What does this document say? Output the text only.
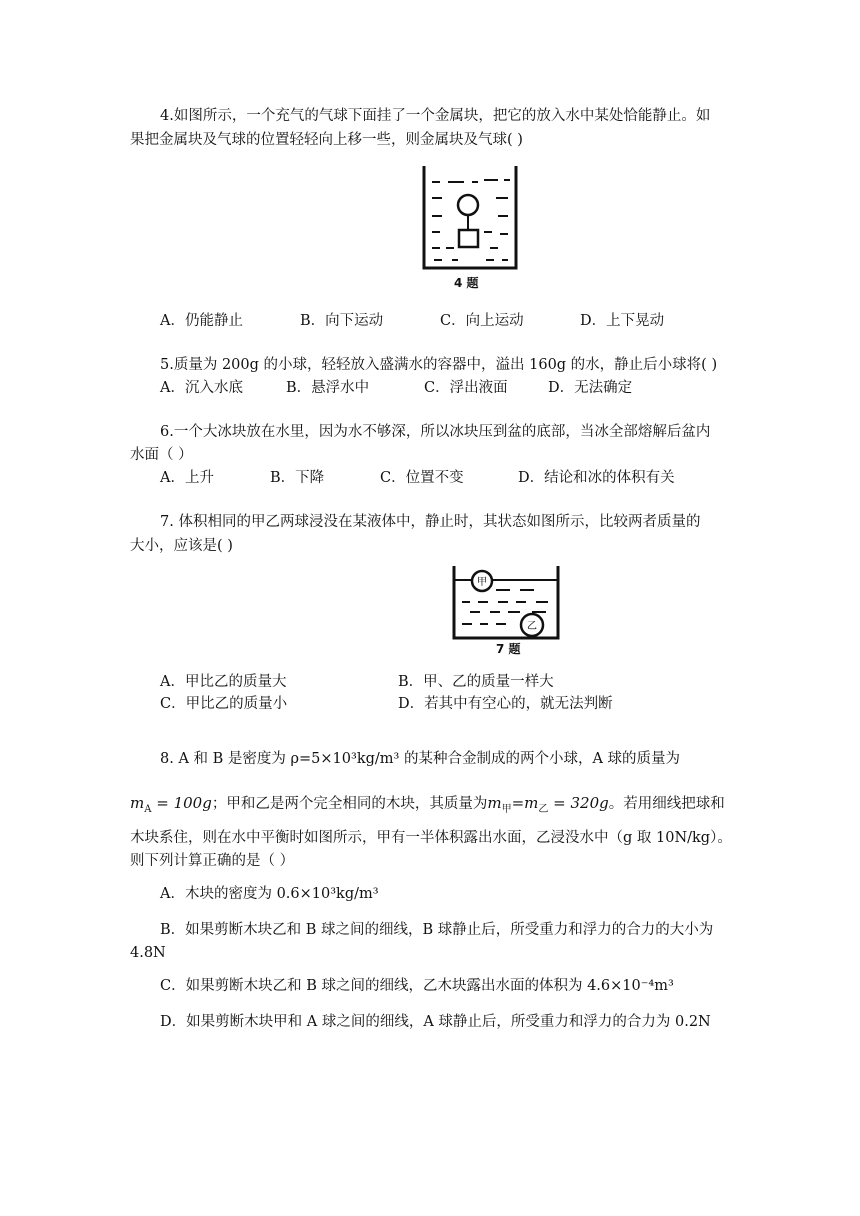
4.如图所示，一个充气的气球下面挂了一个金属块，把它的放入水中某处恰能静止。如
果把金属块及气球的位置轻轻向上移一些，则金属块及气球( )
4 题
A．仍能静止	B．向下运动	C．向上运动	D．上下晃动
5.质量为 200g 的小球，轻轻放入盛满水的容器中，溢出 160g 的水，静止后小球将( )
A．沉入水底	B．悬浮水中	C．浮出液面	D．无法确定
6.一个大冰块放在水里，因为水不够深，所以冰块压到盆的底部，当冰全部熔解后盆内
水面（ ）
A．上升	B．下降	C．位置不变	D．结论和冰的体积有关
7. 体积相同的甲乙两球浸没在某液体中，静止时，其状态如图所示，比较两者质量的
大小，应该是( )
甲
乙
7 题
A．甲比乙的质量大	B．甲、乙的质量一样大
C．甲比乙的质量小	D．若其中有空心的，就无法判断
8. A 和 B 是密度为 ρ=5×10³kg/m³ 的某种合金制成的两个小球，A 球的质量为
$m_A = 100g$；甲和乙是两个完全相同的木块，其质量为$m_甲=m_乙 = 320g$。若用细线把球和
木块系住，则在水中平衡时如图所示，甲有一半体积露出水面，乙浸没水中（g 取 10N/kg）。
则下列计算正确的是（ ）
A．木块的密度为 0.6×10³kg/m³
B．如果剪断木块乙和 B 球之间的细线，B 球静止后，所受重力和浮力的合力的大小为
4.8N
C．如果剪断木块乙和 B 球之间的细线，乙木块露出水面的体积为 4.6×10⁻⁴m³
D．如果剪断木块甲和 A 球之间的细线，A 球静止后，所受重力和浮力的合力为 0.2N
